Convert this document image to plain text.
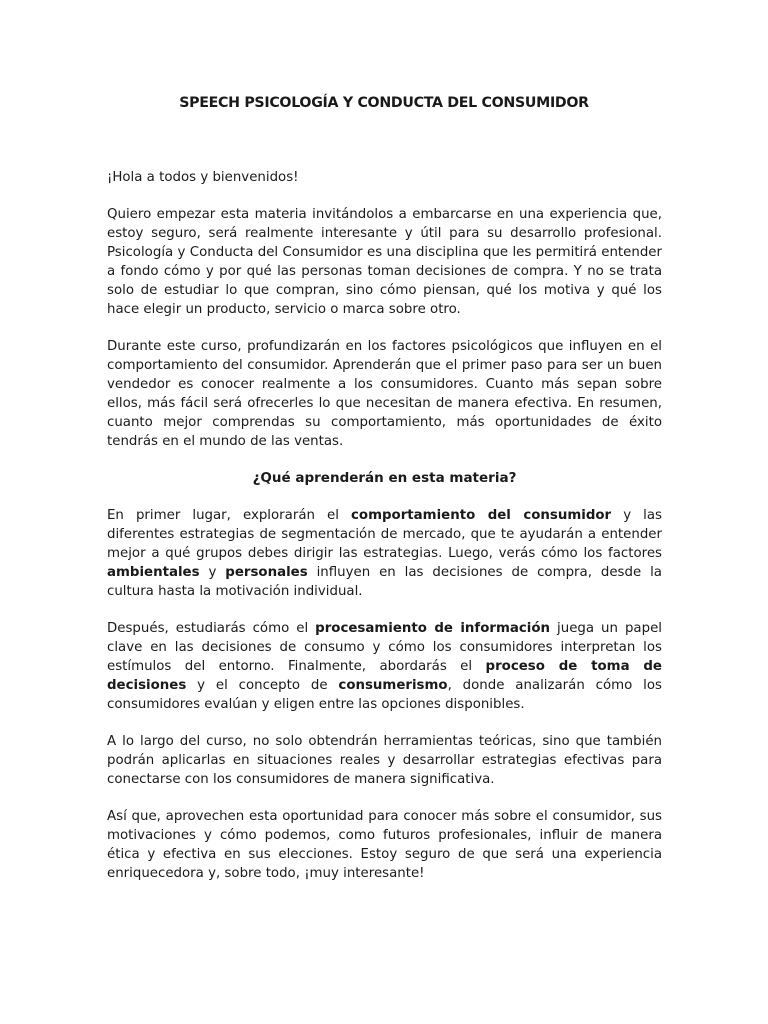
SPEECH PSICOLOGÍA Y CONDUCTA DEL CONSUMIDOR

¡Hola a todos y bienvenidos!

Quiero empezar esta materia invitándolos a embarcarse en una experiencia que, estoy seguro, será realmente interesante y útil para su desarrollo profesional. Psicología y Conducta del Consumidor es una disciplina que les permitirá entender a fondo cómo y por qué las personas toman decisiones de compra. Y no se trata solo de estudiar lo que compran, sino cómo piensan, qué los motiva y qué los hace elegir un producto, servicio o marca sobre otro.

Durante este curso, profundizarán en los factores psicológicos que influyen en el comportamiento del consumidor. Aprenderán que el primer paso para ser un buen vendedor es conocer realmente a los consumidores. Cuanto más sepan sobre ellos, más fácil será ofrecerles lo que necesitan de manera efectiva. En resumen, cuanto mejor comprendas su comportamiento, más oportunidades de éxito tendrás en el mundo de las ventas.

¿Qué aprenderán en esta materia?

En primer lugar, explorarán el comportamiento del consumidor y las diferentes estrategias de segmentación de mercado, que te ayudarán a entender mejor a qué grupos debes dirigir las estrategias. Luego, verás cómo los factores ambientales y personales influyen en las decisiones de compra, desde la cultura hasta la motivación individual.

Después, estudiarás cómo el procesamiento de información juega un papel clave en las decisiones de consumo y cómo los consumidores interpretan los estímulos del entorno. Finalmente, abordarás el proceso de toma de decisiones y el concepto de consumerismo, donde analizarán cómo los consumidores evalúan y eligen entre las opciones disponibles.

A lo largo del curso, no solo obtendrán herramientas teóricas, sino que también podrán aplicarlas en situaciones reales y desarrollar estrategias efectivas para conectarse con los consumidores de manera significativa.

Así que, aprovechen esta oportunidad para conocer más sobre el consumidor, sus motivaciones y cómo podemos, como futuros profesionales, influir de manera ética y efectiva en sus elecciones. Estoy seguro de que será una experiencia enriquecedora y, sobre todo, ¡muy interesante!
